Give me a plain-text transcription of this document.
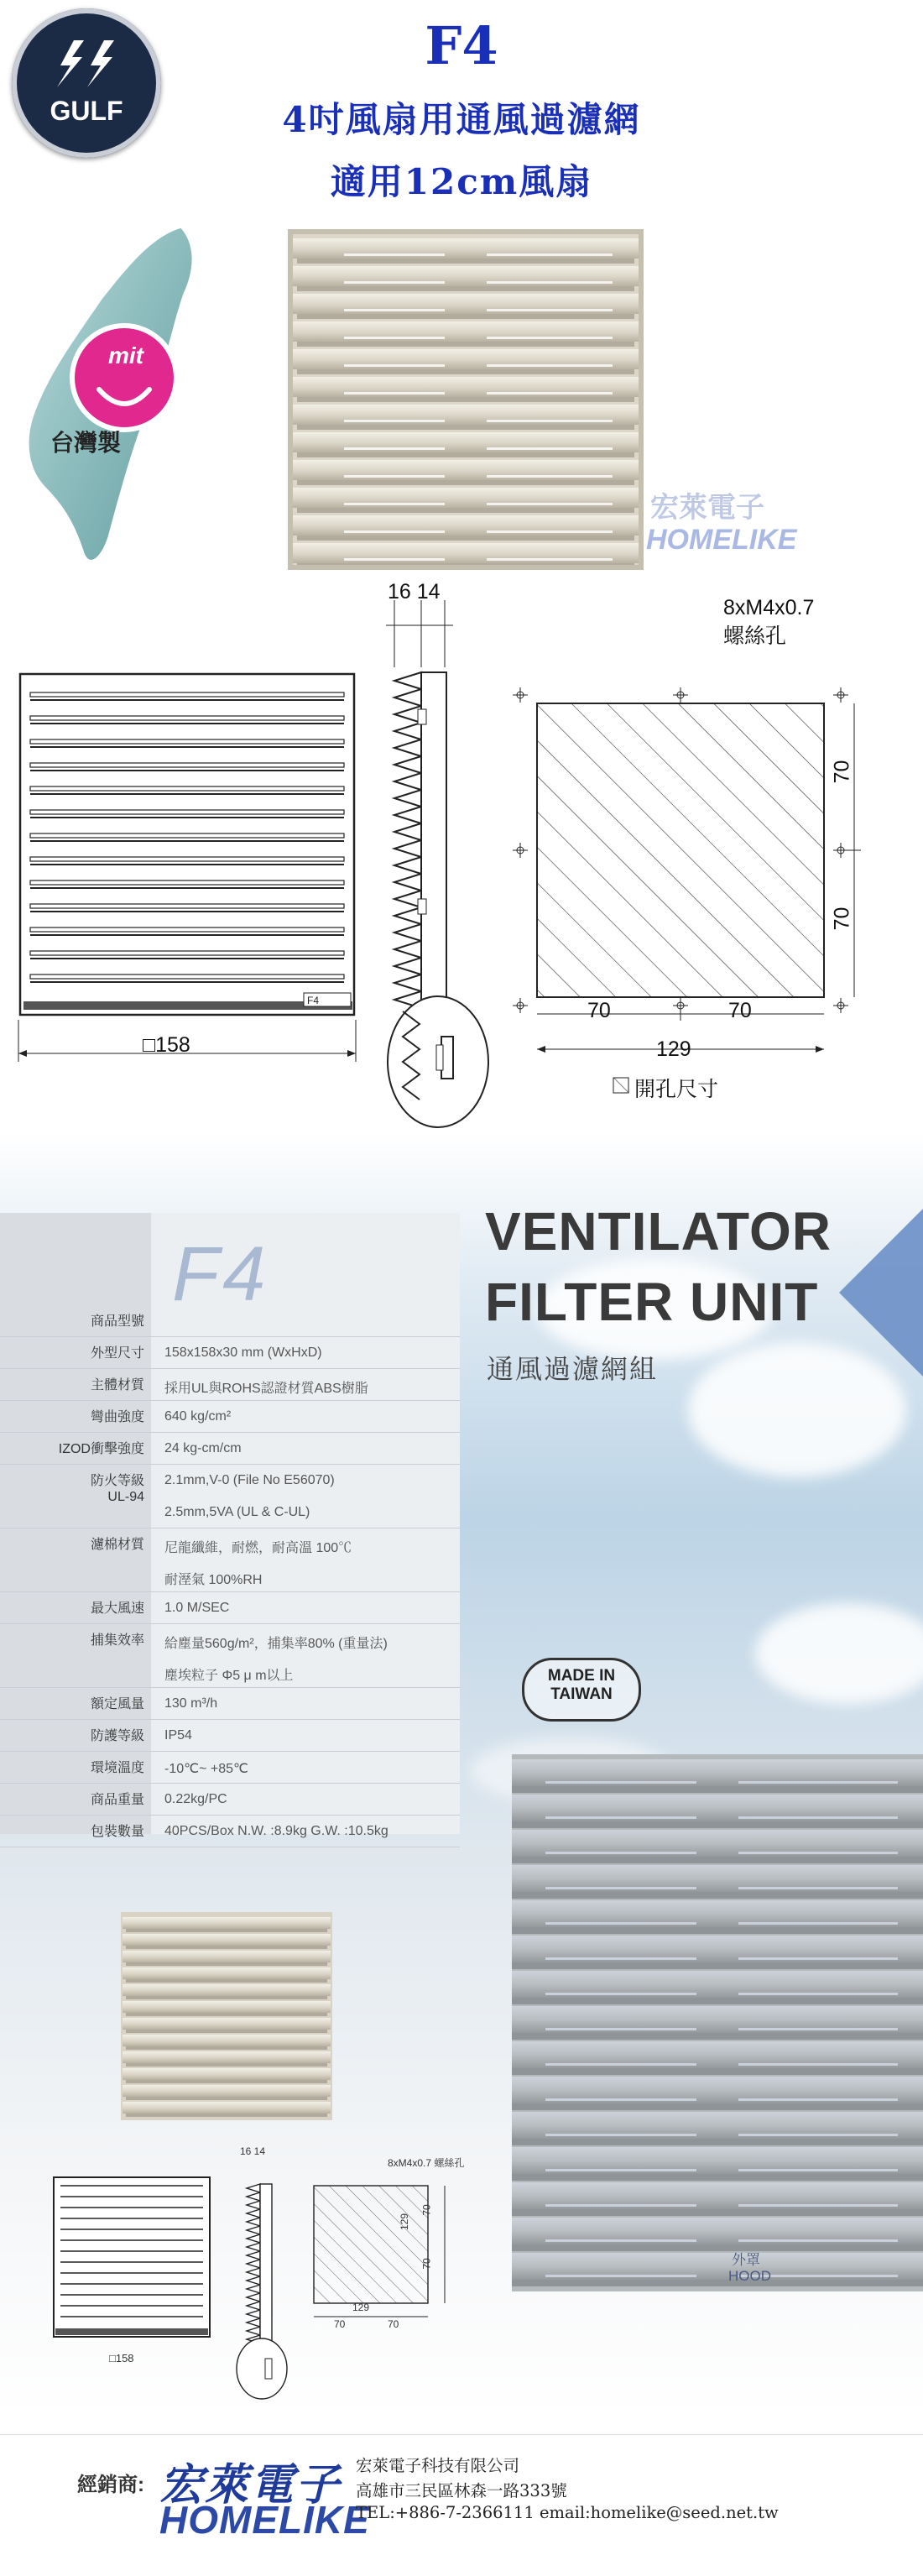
GULF
F4
4吋風扇用通風過濾網
適用12cm風扇
mit
台灣製
宏萊電子
HOMELIKE
F4
□158
16 14
8xM4x0.7
螺絲孔
70
70
70	70
129
開孔尺寸
F4
商品型號
外型尺寸 158x158x30 mm (WxHxD)
主體材質 採用UL與ROHS認證材質ABS樹脂
彎曲強度 640 kg/cm²
IZOD衝擊強度 24 kg-cm/cm
防火等級
UL-94
2.1mm,V-0 (File No E56070)
2.5mm,5VA (UL & C-UL)
濾棉材質 尼龍纖維，耐燃，耐高溫 100℃
耐溼氣 100%RH
最大風速 1.0 M/SEC
捕集效率 給塵量560g/m²，捕集率80% (重量法)
塵埃粒子 Φ5 μ m以上
額定風量 130 m³/h
防護等級 IP54
環境溫度 -10℃~ +85℃
商品重量 0.22kg/PC
包裝數量 40PCS/Box N.W. :8.9kg G.W. :10.5kg
VENTILATOR
FILTER UNIT
通風過濾網組
MADE IN
TAIWAN
外罩
HOOD
□158
16 14
8xM4x0.7 螺絲孔
70
70
129
129
70	70
經銷商: 宏萊電子
HOMELIKE
宏萊電子科技有限公司
高雄市三民區林森一路333號
TEL:+886-7-2366111 email:homelike@seed.net.tw
